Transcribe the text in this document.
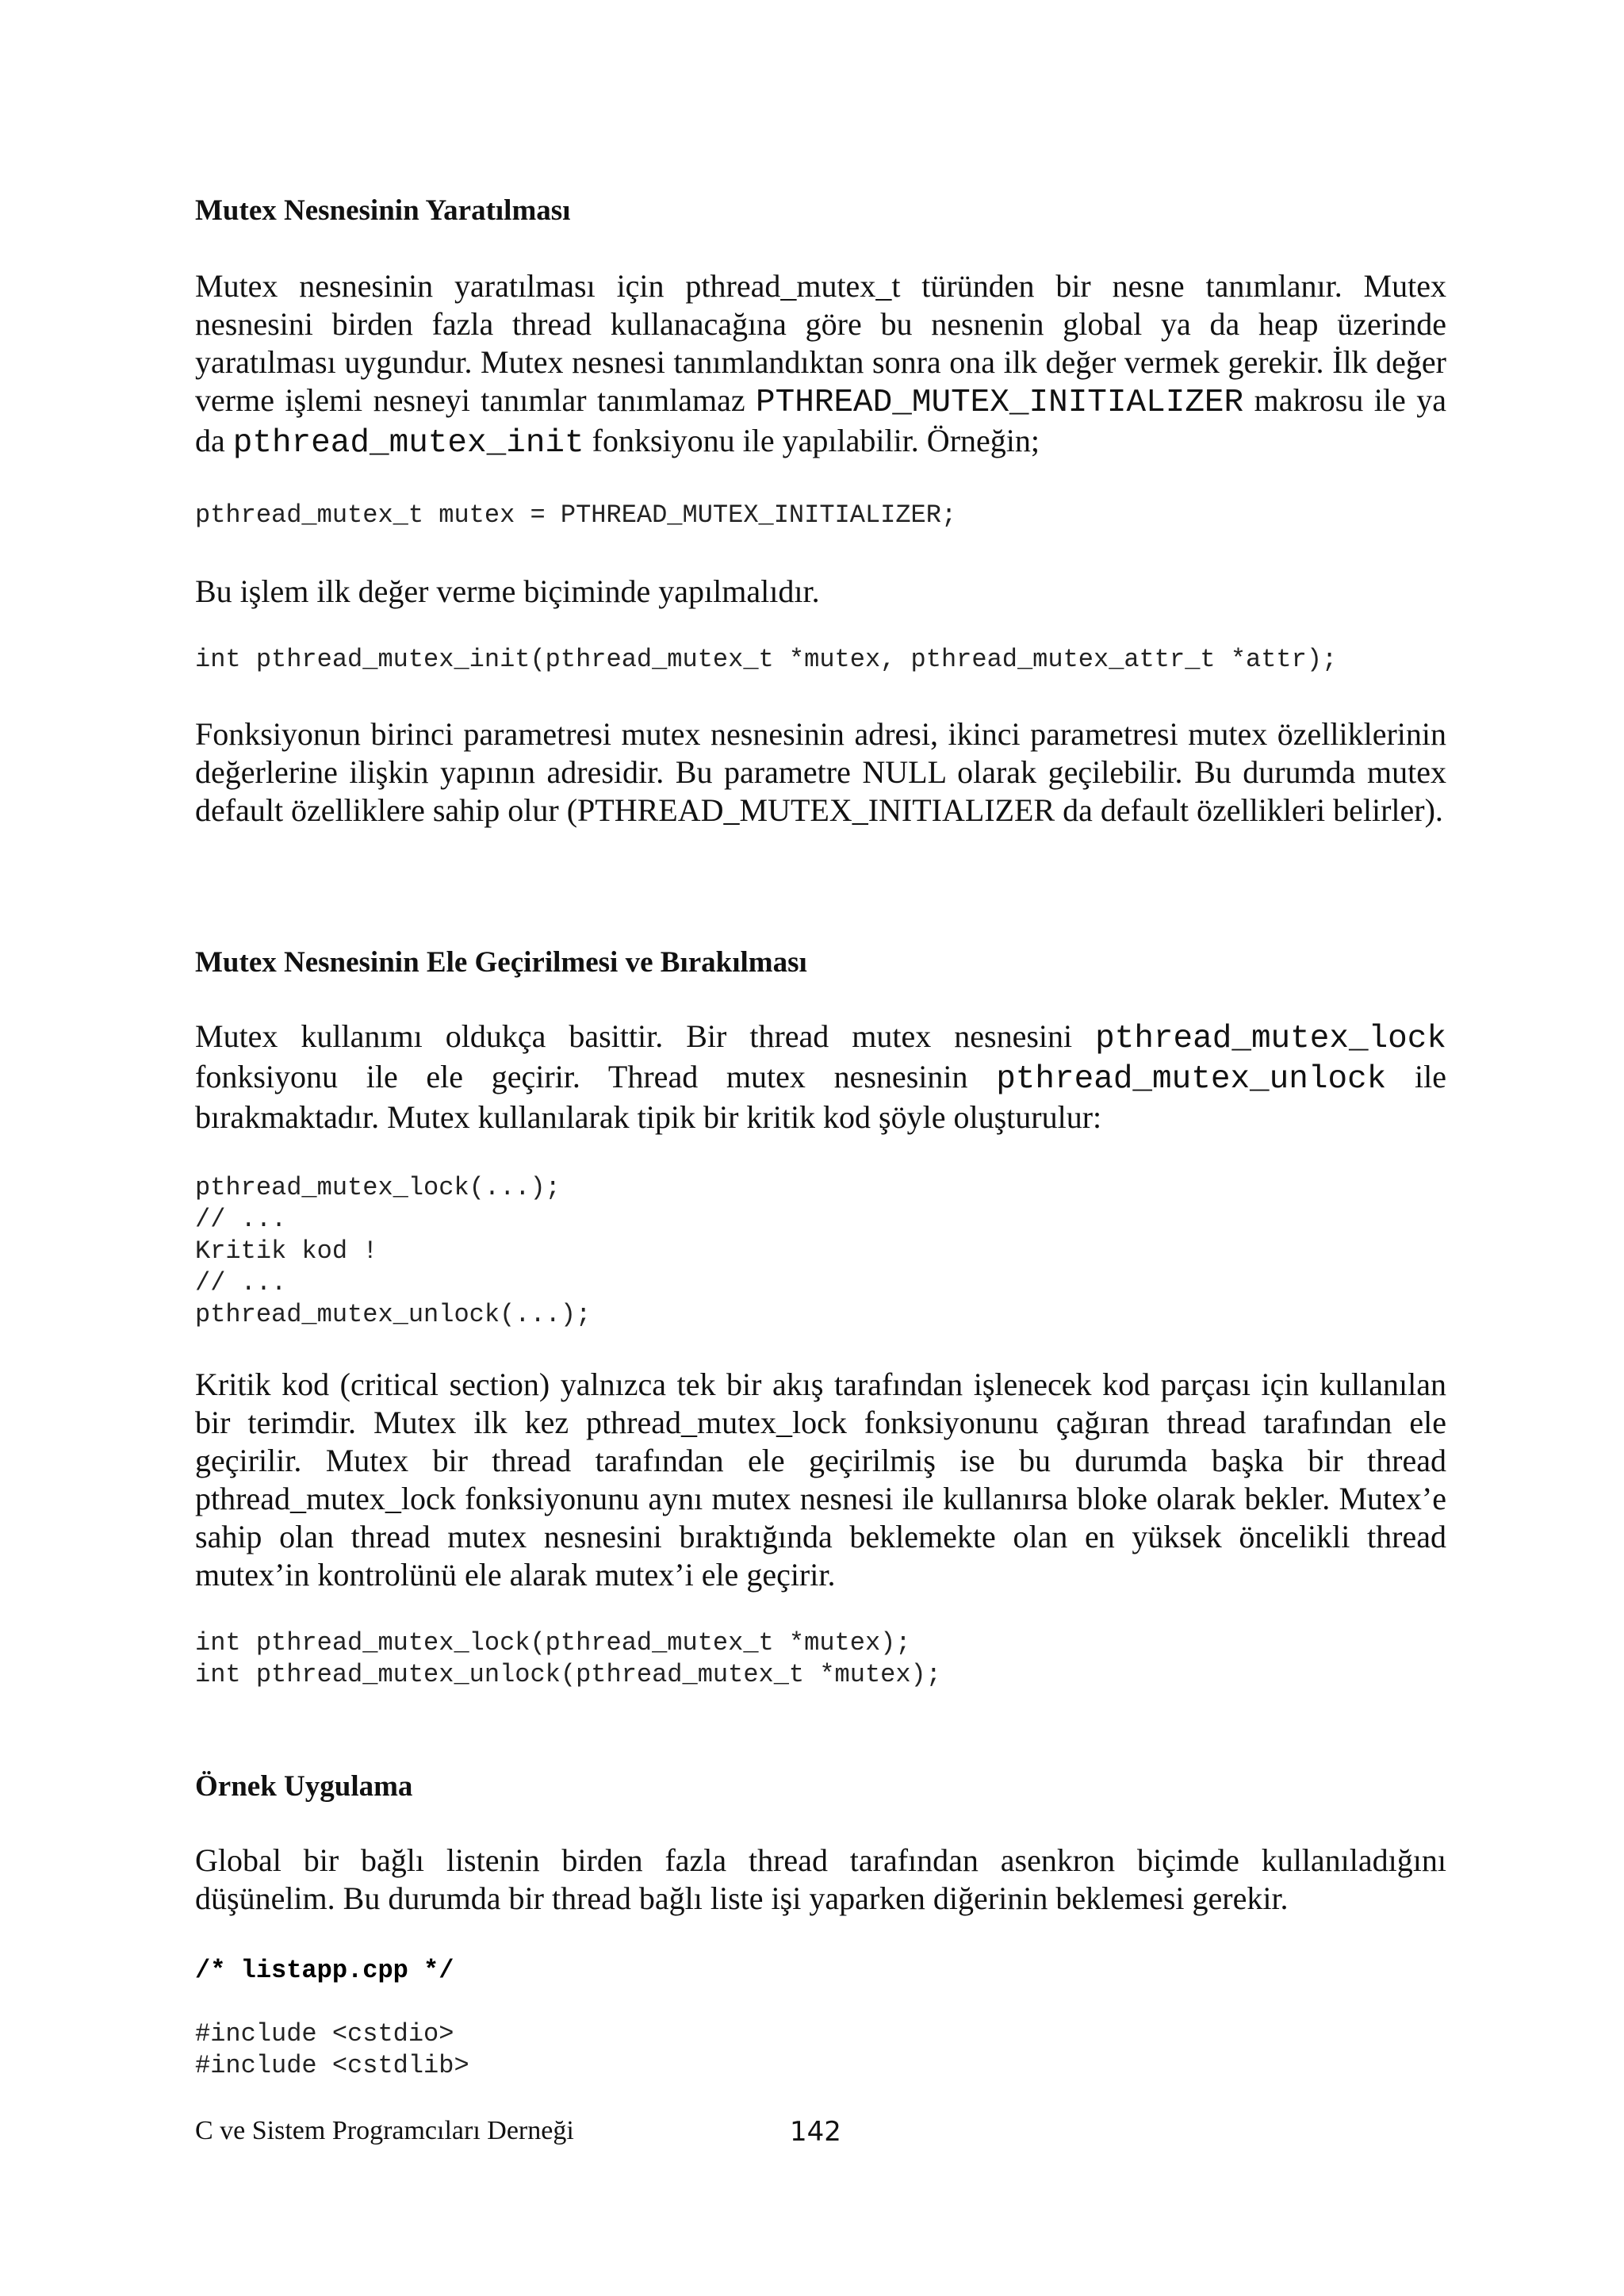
Mutex Nesnesinin Yaratılması

Mutex nesnesinin yaratılması için pthread_mutex_t türünden bir nesne tanımlanır. Mutex nesnesini birden fazla thread kullanacağına göre bu nesnenin global ya da heap üzerinde yaratılması uygundur. Mutex nesnesi tanımlandıktan sonra ona ilk değer vermek gerekir. İlk değer verme işlemi nesneyi tanımlar tanımlamaz PTHREAD_MUTEX_INITIALIZER makrosu ile ya da pthread_mutex_init fonksiyonu ile yapılabilir. Örneğin;

pthread_mutex_t mutex = PTHREAD_MUTEX_INITIALIZER;

Bu işlem ilk değer verme biçiminde yapılmalıdır.

int pthread_mutex_init(pthread_mutex_t *mutex, pthread_mutex_attr_t *attr);

Fonksiyonun birinci parametresi mutex nesnesinin adresi, ikinci parametresi mutex özelliklerinin değerlerine ilişkin yapının adresidir. Bu parametre NULL olarak geçilebilir. Bu durumda mutex default özelliklere sahip olur (PTHREAD_MUTEX_INITIALIZER da default özellikleri belirler).

Mutex Nesnesinin Ele Geçirilmesi ve Bırakılması

Mutex kullanımı oldukça basittir. Bir thread mutex nesnesini pthread_mutex_lock fonksiyonu ile ele geçirir. Thread mutex nesnesinin pthread_mutex_unlock ile bırakmaktadır. Mutex kullanılarak tipik bir kritik kod şöyle oluşturulur:

pthread_mutex_lock(...);
// ...
Kritik kod !
// ...
pthread_mutex_unlock(...);

Kritik kod (critical section) yalnızca tek bir akış tarafından işlenecek kod parçası için kullanılan bir terimdir. Mutex ilk kez pthread_mutex_lock fonksiyonunu çağıran thread tarafından ele geçirilir. Mutex bir thread tarafından ele geçirilmiş ise bu durumda başka bir thread pthread_mutex_lock fonksiyonunu aynı mutex nesnesi ile kullanırsa bloke olarak bekler. Mutex’e sahip olan thread mutex nesnesini bıraktığında beklemekte olan en yüksek öncelikli thread mutex’in kontrolünü ele alarak mutex’i ele geçirir.

int pthread_mutex_lock(pthread_mutex_t *mutex);
int pthread_mutex_unlock(pthread_mutex_t *mutex);
Örnek Uygulama

Global bir bağlı listenin birden fazla thread tarafından asenkron biçimde kullanıladığını düşünelim. Bu durumda bir thread bağlı liste işi yaparken diğerinin beklemesi gerekir.

/* listapp.cpp */
#include <cstdio>
#include <cstdlib>
C ve Sistem Programcıları Derneği	142
